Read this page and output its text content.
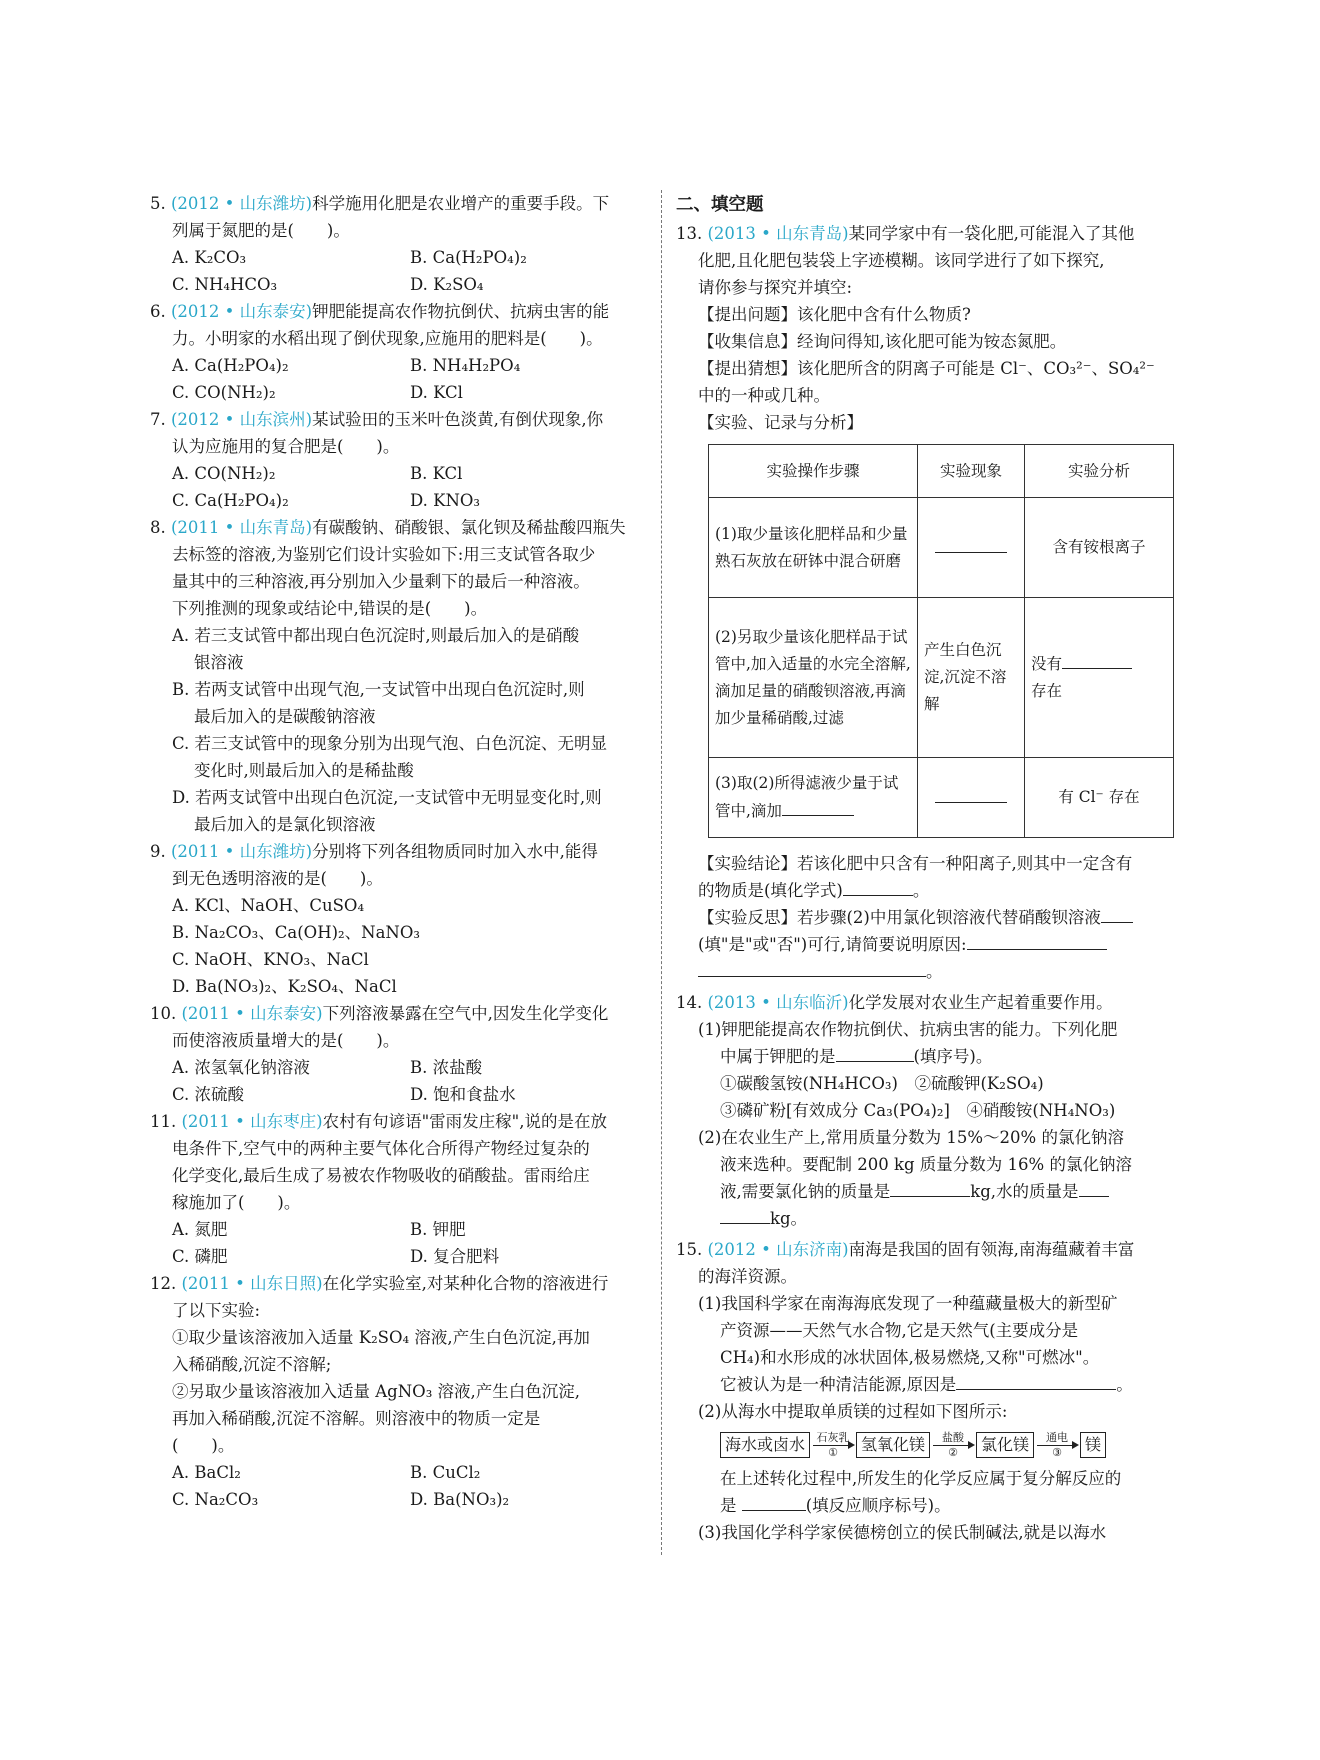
5. (2012 • 山东潍坊)科学施用化肥是农业增产的重要手段。下
列属于氮肥的是(　　)。
A. K₂CO₃	B. Ca(H₂PO₄)₂
C. NH₄HCO₃	D. K₂SO₄
6. (2012 • 山东泰安)钾肥能提高农作物抗倒伏、抗病虫害的能
力。小明家的水稻出现了倒伏现象,应施用的肥料是(　　)。
A. Ca(H₂PO₄)₂	B. NH₄H₂PO₄
C. CO(NH₂)₂	D. KCl
7. (2012 • 山东滨州)某试验田的玉米叶色淡黄,有倒伏现象,你
认为应施用的复合肥是(　　)。
A. CO(NH₂)₂	B. KCl
C. Ca(H₂PO₄)₂	D. KNO₃
8. (2011 • 山东青岛)有碳酸钠、硝酸银、氯化钡及稀盐酸四瓶失
去标签的溶液,为鉴别它们设计实验如下:用三支试管各取少
量其中的三种溶液,再分别加入少量剩下的最后一种溶液。
下列推测的现象或结论中,错误的是(　　)。
A. 若三支试管中都出现白色沉淀时,则最后加入的是硝酸
银溶液
B. 若两支试管中出现气泡,一支试管中出现白色沉淀时,则
最后加入的是碳酸钠溶液
C. 若三支试管中的现象分别为出现气泡、白色沉淀、无明显
变化时,则最后加入的是稀盐酸
D. 若两支试管中出现白色沉淀,一支试管中无明显变化时,则
最后加入的是氯化钡溶液
9. (2011 • 山东潍坊)分别将下列各组物质同时加入水中,能得
到无色透明溶液的是(　　)。
A. KCl、NaOH、CuSO₄
B. Na₂CO₃、Ca(OH)₂、NaNO₃
C. NaOH、KNO₃、NaCl
D. Ba(NO₃)₂、K₂SO₄、NaCl
10. (2011 • 山东泰安)下列溶液暴露在空气中,因发生化学变化
而使溶液质量增大的是(　　)。
A. 浓氢氧化钠溶液	B. 浓盐酸
C. 浓硫酸	D. 饱和食盐水
11. (2011 • 山东枣庄)农村有句谚语"雷雨发庄稼",说的是在放
电条件下,空气中的两种主要气体化合所得产物经过复杂的
化学变化,最后生成了易被农作物吸收的硝酸盐。雷雨给庄
稼施加了(　　)。
A. 氮肥	B. 钾肥
C. 磷肥	D. 复合肥料
12. (2011 • 山东日照)在化学实验室,对某种化合物的溶液进行
了以下实验:
①取少量该溶液加入适量 K₂SO₄ 溶液,产生白色沉淀,再加
入稀硝酸,沉淀不溶解;
②另取少量该溶液加入适量 AgNO₃ 溶液,产生白色沉淀,
再加入稀硝酸,沉淀不溶解。则溶液中的物质一定是
(　　)。
A. BaCl₂	B. CuCl₂
C. Na₂CO₃	D. Ba(NO₃)₂
二、填空题
13. (2013 • 山东青岛)某同学家中有一袋化肥,可能混入了其他
化肥,且化肥包装袋上字迹模糊。该同学进行了如下探究,
请你参与探究并填空:
【提出问题】该化肥中含有什么物质?
【收集信息】经询问得知,该化肥可能为铵态氮肥。
【提出猜想】该化肥所含的阴离子可能是 Cl⁻、CO₃²⁻、SO₄²⁻
中的一种或几种。
【实验、记录与分析】
实验操作步骤	实验现象	实验分析
(1)取少量该化肥样品和少量熟石灰放在研钵中混合研磨		含有铵根离子
(2)另取少量该化肥样品于试管中,加入适量的水完全溶解,滴加足量的硝酸钡溶液,再滴加少量稀硝酸,过滤	产生白色沉淀,沉淀不溶解	没有
存在
(3)取(2)所得滤液少量于试管中,滴加		有 Cl⁻ 存在
【实验结论】若该化肥中只含有一种阳离子,则其中一定含有
的物质是(填化学式)	。
【实验反思】若步骤(2)中用氯化钡溶液代替硝酸钡溶液
(填"是"或"否")可行,请简要说明原因:
。
14. (2013 • 山东临沂)化学发展对农业生产起着重要作用。
(1)钾肥能提高农作物抗倒伏、抗病虫害的能力。下列化肥
中属于钾肥的是	(填序号)。
①碳酸氢铵(NH₄HCO₃)　②硫酸钾(K₂SO₄)
③磷矿粉[有效成分 Ca₃(PO₄)₂]　④硝酸铵(NH₄NO₃)
(2)在农业生产上,常用质量分数为 15%～20% 的氯化钠溶
液来选种。要配制 200 kg 质量分数为 16% 的氯化钠溶
液,需要氯化钠的质量是	kg,水的质量是
kg。
15. (2012 • 山东济南)南海是我国的固有领海,南海蕴藏着丰富
的海洋资源。
(1)我国科学家在南海海底发现了一种蕴藏量极大的新型矿
产资源——天然气水合物,它是天然气(主要成分是
CH₄)和水形成的冰状固体,极易燃烧,又称"可燃冰"。
它被认为是一种清洁能源,原因是	。
(2)从海水中提取单质镁的过程如下图所示:
海水或卤水	石灰乳
①	氢氧化镁	盐酸
②	氯化镁	通电
③	镁
在上述转化过程中,所发生的化学反应属于复分解反应的
是	(填反应顺序标号)。
(3)我国化学科学家侯德榜创立的侯氏制碱法,就是以海水
